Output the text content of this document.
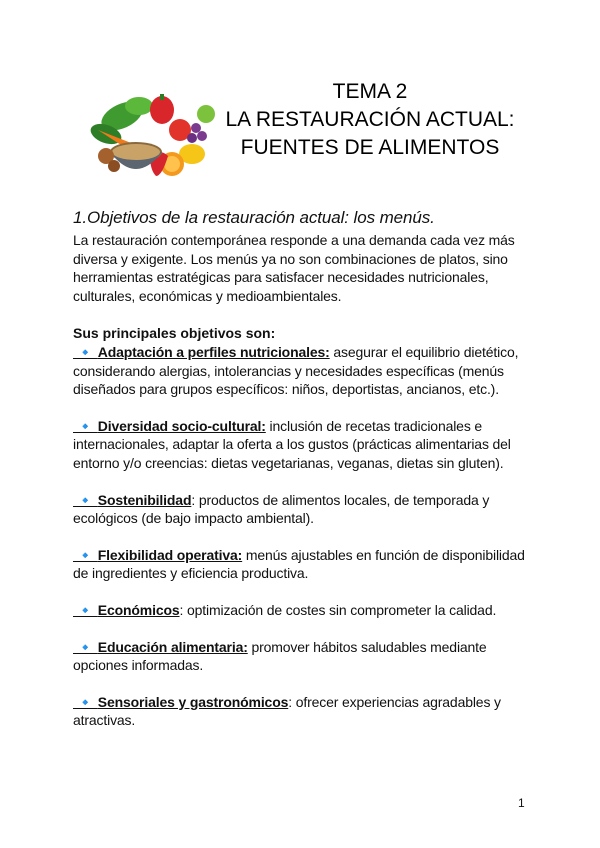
TEMA 2
LA RESTAURACIÓN ACTUAL:
FUENTES DE ALIMENTOS

1.Objetivos de la restauración actual: los menús.

La restauración contemporánea responde a una demanda cada vez más diversa y exigente. Los menús ya no son combinaciones de platos, sino herramientas estratégicas para satisfacer necesidades nutricionales, culturales, económicas y medioambientales.

Sus principales objetivos son:

🔹 Adaptación a perfiles nutricionales: asegurar el equilibrio dietético, considerando alergias, intolerancias y necesidades específicas (menús diseñados para grupos específicos: niños, deportistas, ancianos, etc.).

🔹 Diversidad socio-cultural: inclusión de recetas tradicionales e internacionales, adaptar la oferta a los gustos (prácticas alimentarias del entorno y/o creencias: dietas vegetarianas, veganas, dietas sin gluten).

🔹 Sostenibilidad: productos de alimentos locales, de temporada y ecológicos (de bajo impacto ambiental).

🔹 Flexibilidad operativa: menús ajustables en función de disponibilidad de ingredientes y eficiencia productiva.

🔹 Económicos: optimización de costes sin comprometer la calidad.

🔹 Educación alimentaria: promover hábitos saludables mediante opciones informadas.

🔹 Sensoriales y gastronómicos: ofrecer experiencias agradables y atractivas.

1
